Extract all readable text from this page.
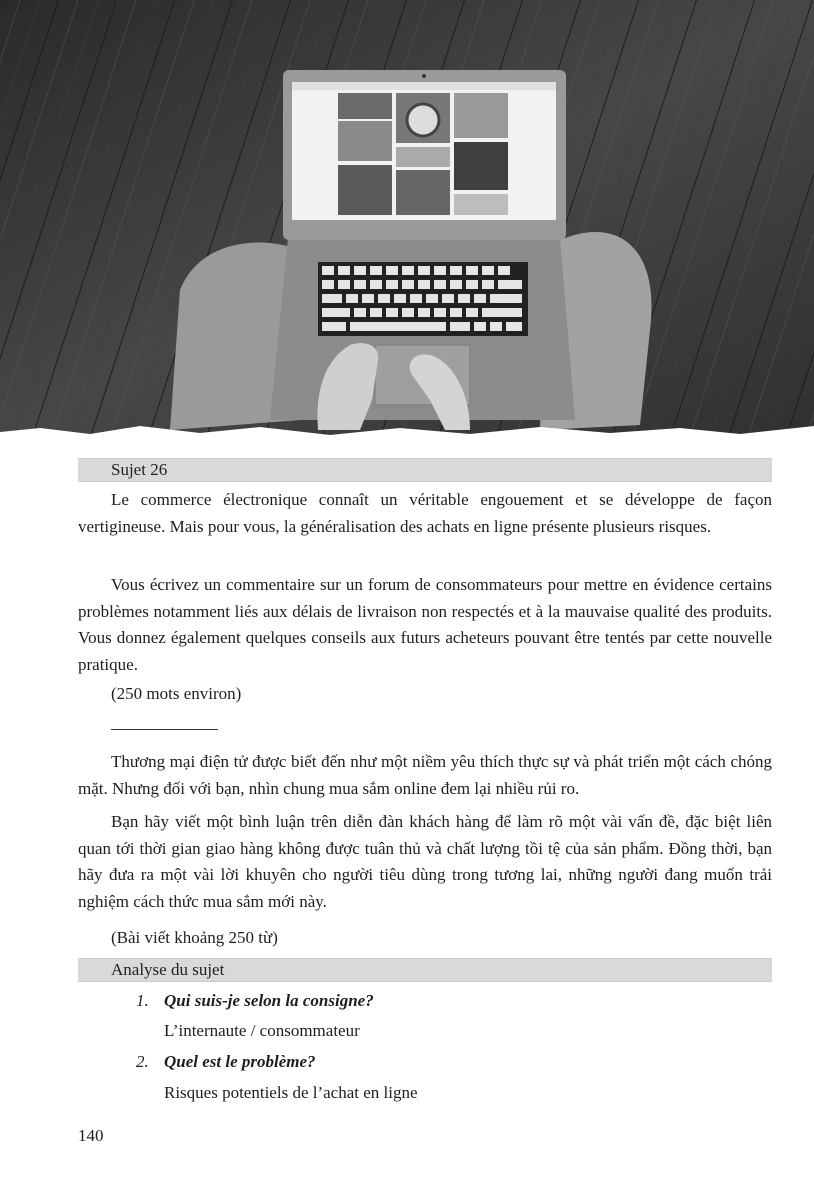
Sujet 26

Le commerce électronique connaît un véritable engouement et se développe de façon vertigineuse. Mais pour vous, la généralisation des achats en ligne présente plusieurs risques.

Vous écrivez un commentaire sur un forum de consommateurs pour mettre en évidence certains problèmes notamment liés aux délais de livraison non respectés et à la mauvaise qualité des produits. Vous donnez également quelques conseils aux futurs acheteurs pouvant être tentés par cette nouvelle pratique.

(250 mots environ)

Thương mại điện tử được biết đến như một niềm yêu thích thực sự và phát triển một cách chóng mặt. Nhưng đối với bạn, nhìn chung mua sắm online đem lại nhiều rủi ro.

Bạn hãy viết một bình luận trên diễn đàn khách hàng để làm rõ một vài vấn đề, đặc biệt liên quan tới thời gian giao hàng không được tuân thủ và chất lượng tồi tệ của sản phẩm. Đồng thời, bạn hãy đưa ra một vài lời khuyên cho người tiêu dùng trong tương lai, những người đang muốn trải nghiệm cách thức mua sắm mới này.

(Bài viết khoảng 250 từ)

Analyse du sujet
1. Qui suis-je selon la consigne?
L’internaute / consommateur
2. Quel est le problème?
Risques potentiels de l’achat en ligne
140
